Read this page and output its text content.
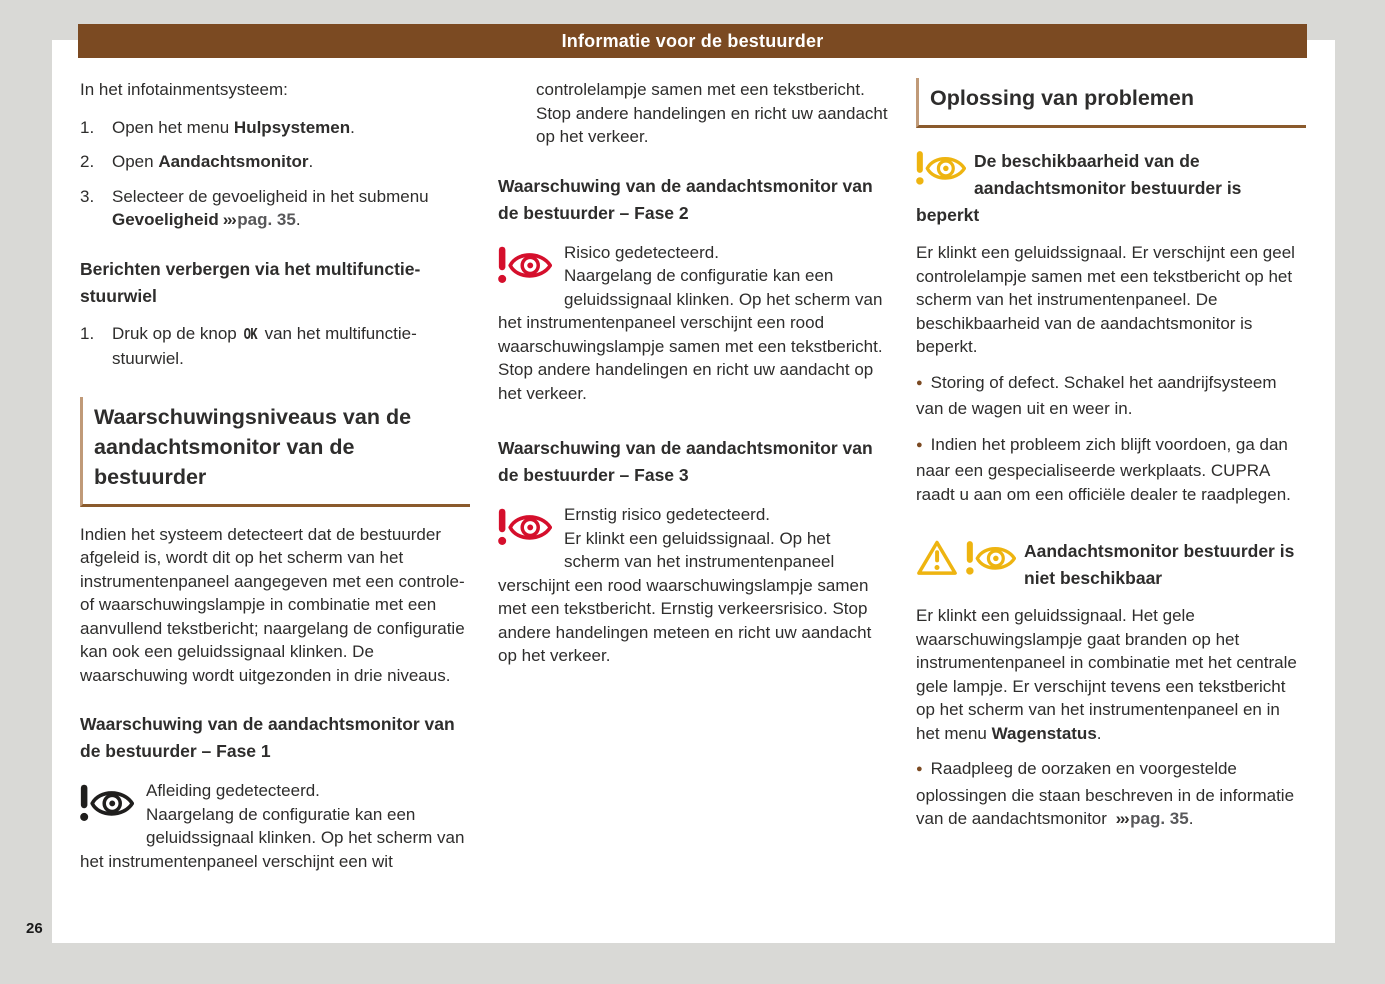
26
Informatie voor de bestuurder

In het infotainmentsysteem:

1.	Open het menu Hulpsystemen.
2.	Open Aandachtsmonitor.
3.	Selecteer de gevoeligheid in het submenu Gevoeligheid ››› pag. 35.
Berichten verbergen via het multifunctie-stuurwiel
1.	Druk op de knop OK van het multifunctie-stuurwiel.
Waarschuwingsniveaus van de aandachtsmonitor van de bestuurder

Indien het systeem detecteert dat de bestuurder afgeleid is, wordt dit op het scherm van het instrumentenpaneel aangegeven met een controle- of waarschuwingslampje in combinatie met een aanvullend tekstbericht; naargelang de configuratie kan ook een geluidssignaal klinken. De waarschuwing wordt uitgezonden in drie niveaus.

Waarschuwing van de aandachtsmonitor van de bestuurder – Fase 1
Afleiding gedetecteerd.
Naargelang de configuratie kan een geluidssignaal klinken. Op het scherm van het instrumentenpaneel verschijnt een wit

controlelampje samen met een tekstbericht. Stop andere handelingen en richt uw aandacht op het verkeer.

Waarschuwing van de aandachtsmonitor van de bestuurder – Fase 2
Risico gedetecteerd.
Naargelang de configuratie kan een geluidssignaal klinken. Op het scherm van het instrumentenpaneel verschijnt een rood waarschuwingslampje samen met een tekstbericht. Stop andere handelingen en richt uw aandacht op het verkeer.
Waarschuwing van de aandachtsmonitor van de bestuurder – Fase 3
Ernstig risico gedetecteerd.
Er klinkt een geluidssignaal. Op het scherm van het instrumentenpaneel verschijnt een rood waarschuwingslampje samen met een tekstbericht. Ernstig verkeersrisico. Stop andere handelingen meteen en richt uw aandacht op het verkeer.
Oplossing van problemen
De beschikbaarheid van de aandachtsmonitor bestuurder is beperkt

Er klinkt een geluidssignaal. Er verschijnt een geel controlelampje samen met een tekstbericht op het scherm van het instrumentenpaneel. De beschikbaarheid van de aandachtsmonitor is beperkt.

● Storing of defect. Schakel het aandrijfsysteem van de wagen uit en weer in.

● Indien het probleem zich blijft voordoen, ga dan naar een gespecialiseerde werkplaats. CUPRA raadt u aan om een officiële dealer te raadplegen.

Aandachtsmonitor bestuurder is niet beschikbaar

Er klinkt een geluidssignaal. Het gele waarschuwingslampje gaat branden op het instrumentenpaneel in combinatie met het centrale gele lampje. Er verschijnt tevens een tekstbericht op het scherm van het instrumentenpaneel en in het menu Wagenstatus.

● Raadpleeg de oorzaken en voorgestelde oplossingen die staan beschreven in de informatie van de aandachtsmonitor ››› pag. 35.
